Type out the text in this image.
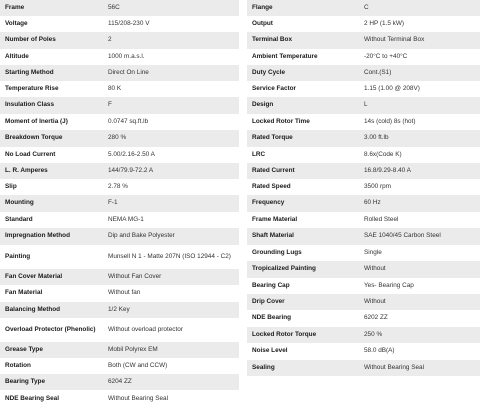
Frame	56C
Voltage	115/208-230 V
Number of Poles	2
Altitude	1000 m.a.s.l.
Starting Method	Direct On Line
Temperature Rise	80 K
Insulation Class	F
Moment of Inertia (J)	0.0747 sq.ft.lb
Breakdown Torque	280 %
No Load Current	5.00/2.16-2.50 A
L. R. Amperes	144/79.9-72.2 A
Slip	2.78 %
Mounting	F-1
Standard	NEMA MG-1
Impregnation Method	Dip and Bake Polyester
Painting	Munsell N 1 - Matte 207N (ISO 12944 - C2)
Fan Cover Material	Without Fan Cover
Fan Material	Without fan
Balancing Method	1/2 Key
Overload Protector (Phenolic)	Without overload protector
Grease Type	Mobil Polyrex EM
Rotation	Both (CW and CCW)
Bearing Type	6204 ZZ
NDE Bearing Seal	Without Bearing Seal
Flange	C
Output	2 HP (1.5 kW)
Terminal Box	Without Terminal Box
Ambient Temperature	-20°C to +40°C
Duty Cycle	Cont.(S1)
Service Factor	1.15 (1.00 @ 208V)
Design	L
Locked Rotor Time	14s (cold) 8s (hot)
Rated Torque	3.00 ft.lb
LRC	8.6x(Code K)
Rated Current	16.8/9.29-8.40 A
Rated Speed	3500 rpm
Frequency	60 Hz
Frame Material	Rolled Steel
Shaft Material	SAE 1040/45 Carbon Steel
Grounding Lugs	Single
Tropicalized Painting	Without
Bearing Cap	Yes- Bearing Cap
Drip Cover	Without
NDE Bearing	6202 ZZ
Locked Rotor Torque	250 %
Noise Level	58.0 dB(A)
Sealing	Without Bearing Seal
